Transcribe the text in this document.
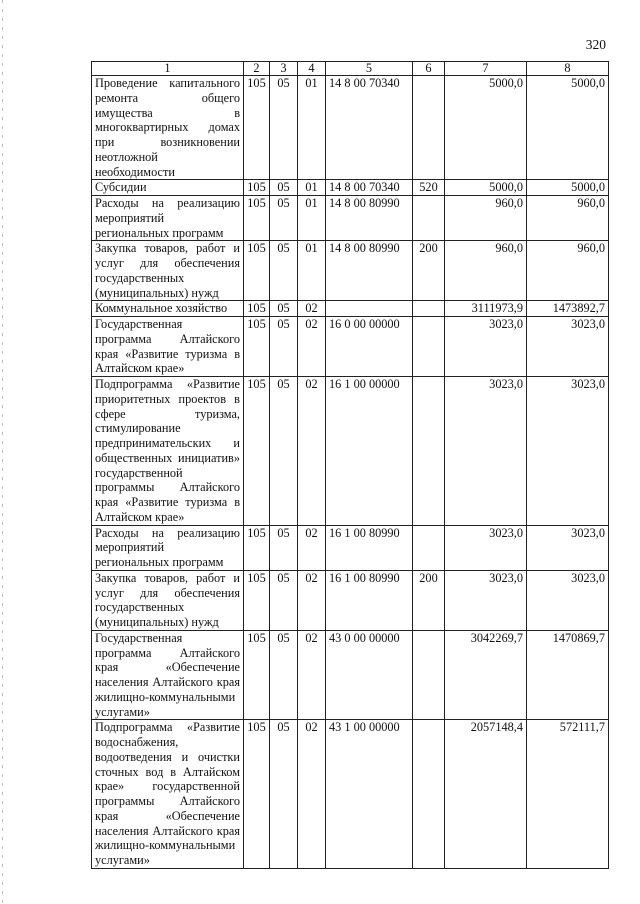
320
1	2	3	4	5	6	7	8
Проведение капитального ремонта общего имущества в многоквартирных домах при возникновении неотложной необходимости	105	05	01	14 8 00 70340		5000,0	5000,0
Субсидии	105	05	01	14 8 00 70340	520	5000,0	5000,0
Расходы на реализацию мероприятий региональных программ	105	05	01	14 8 00 80990		960,0	960,0
Закупка товаров, работ и услуг для обеспечения государственных (муниципальных) нужд	105	05	01	14 8 00 80990	200	960,0	960,0
Коммунальное хозяйство	105	05	02			3111973,9	1473892,7
Государственная программа Алтайского края «Развитие туризма в Алтайском крае»	105	05	02	16 0 00 00000		3023,0	3023,0
Подпрограмма «Развитие приоритетных проектов в сфере туризма, стимулирование предпринимательских и общественных инициатив» государственной программы Алтайского края «Развитие туризма в Алтайском крае»	105	05	02	16 1 00 00000		3023,0	3023,0
Расходы на реализацию мероприятий региональных программ	105	05	02	16 1 00 80990		3023,0	3023,0
Закупка товаров, работ и услуг для обеспечения государственных (муниципальных) нужд	105	05	02	16 1 00 80990	200	3023,0	3023,0
Государственная программа Алтайского края «Обеспечение населения Алтайского края жилищно-коммунальными услугами»	105	05	02	43 0 00 00000		3042269,7	1470869,7
Подпрограмма «Развитие водоснабжения, водоотведения и очистки сточных вод в Алтайском крае» государственной программы Алтайского края «Обеспечение населения Алтайского края жилищно-коммунальными услугами»	105	05	02	43 1 00 00000		2057148,4	572111,7
